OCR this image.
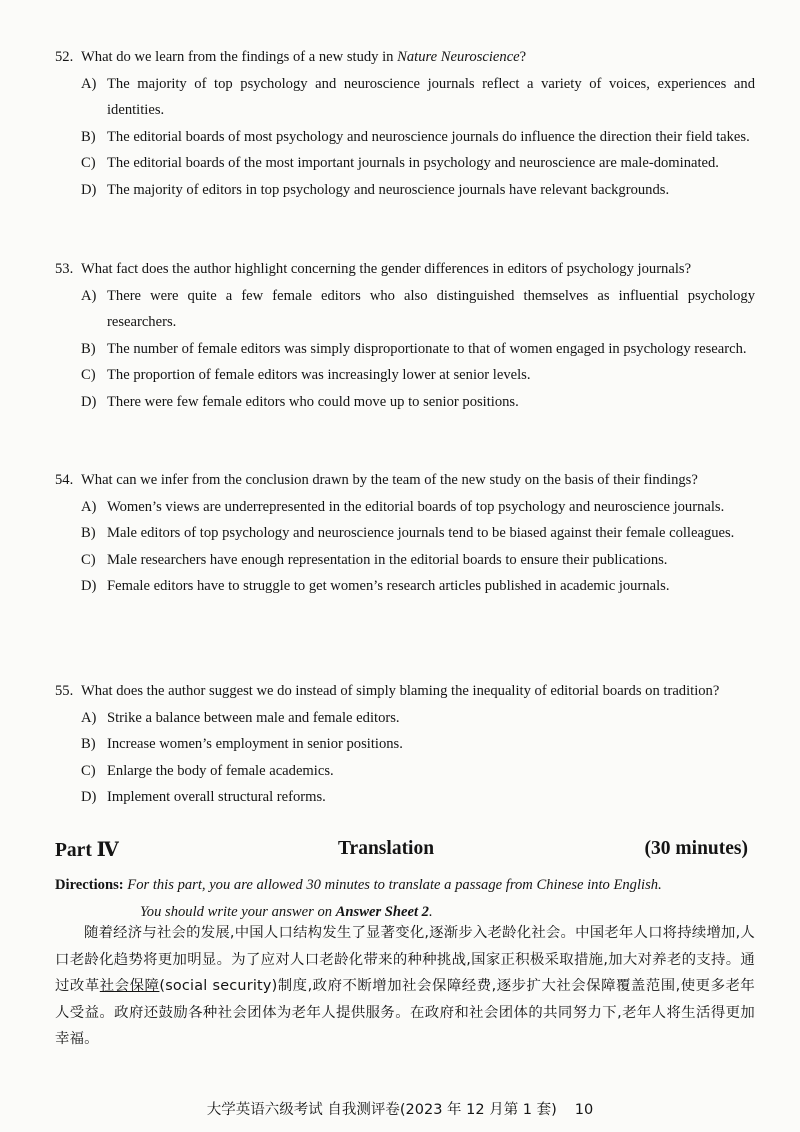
52. What do we learn from the findings of a new study in Nature Neuroscience?
A) The majority of top psychology and neuroscience journals reflect a variety of voices, experiences and identities.
B) The editorial boards of most psychology and neuroscience journals do influence the direction their field takes.
C) The editorial boards of the most important journals in psychology and neuroscience are male-dominated.
D) The majority of editors in top psychology and neuroscience journals have relevant backgrounds.
53. What fact does the author highlight concerning the gender differences in editors of psychology journals?
A) There were quite a few female editors who also distinguished themselves as influential psychology researchers.
B) The number of female editors was simply disproportionate to that of women engaged in psychology research.
C) The proportion of female editors was increasingly lower at senior levels.
D) There were few female editors who could move up to senior positions.
54. What can we infer from the conclusion drawn by the team of the new study on the basis of their findings?
A) Women’s views are underrepresented in the editorial boards of top psychology and neuroscience journals.
B) Male editors of top psychology and neuroscience journals tend to be biased against their female colleagues.
C) Male researchers have enough representation in the editorial boards to ensure their publications.
D) Female editors have to struggle to get women’s research articles published in academic journals.
55. What does the author suggest we do instead of simply blaming the inequality of editorial boards on tradition?
A) Strike a balance between male and female editors.
B) Increase women’s employment in senior positions.
C) Enlarge the body of female academics.
D) Implement overall structural reforms.
Part Ⅳ	Translation	(30 minutes)
Directions: For this part, you are allowed 30 minutes to translate a passage from Chinese into English.
You should write your answer on Answer Sheet 2.
随着经济与社会的发展,中国人口结构发生了显著变化,逐渐步入老龄化社会。中国老年人口将持续增加,人口老龄化趋势将更加明显。为了应对人口老龄化带来的种种挑战,国家正积极采取措施,加大对养老的支持。通过改革社会保障(social security)制度,政府不断增加社会保障经费,逐步扩大社会保障覆盖范围,使更多老年人受益。政府还鼓励各种社会团体为老年人提供服务。在政府和社会团体的共同努力下,老年人将生活得更加幸福。
大学英语六级考试 自我测评卷(2023 年 12 月第 1 套) 10
